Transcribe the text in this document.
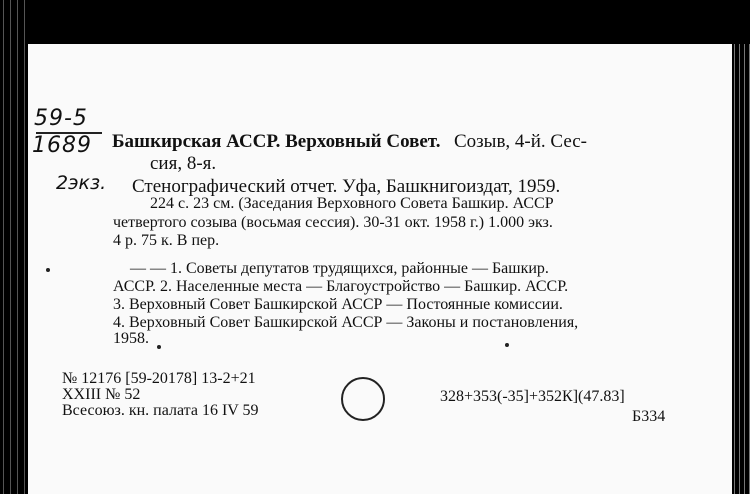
59-5
1689
2экз.
Башкирская АССР. Верховный Совет. Созыв, 4-й. Сес-
сия, 8-я.
Стенографический отчет. Уфа, Башкнигоиздат, 1959.
224 с. 23 см. (Заседания Верховного Совета Башкир. АССР
четвертого созыва (восьмая сессия). 30-31 окт. 1958 г.) 1.000 экз.
4 р. 75 к. В пер.
— — 1. Советы депутатов трудящихся, районные — Башкир.
АССР. 2. Населенные места — Благоустройство — Башкир. АССР.
3. Верховный Совет Башкирской АССР — Постоянные комиссии.
4. Верховный Совет Башкирской АССР — Законы и постановления,
1958.
№ 12176 [59-20178] 13-2+21
XXIII № 52
Всесоюз. кн. палата 16 IV 59
328+353(-35]+352К](47.83]
Б334
